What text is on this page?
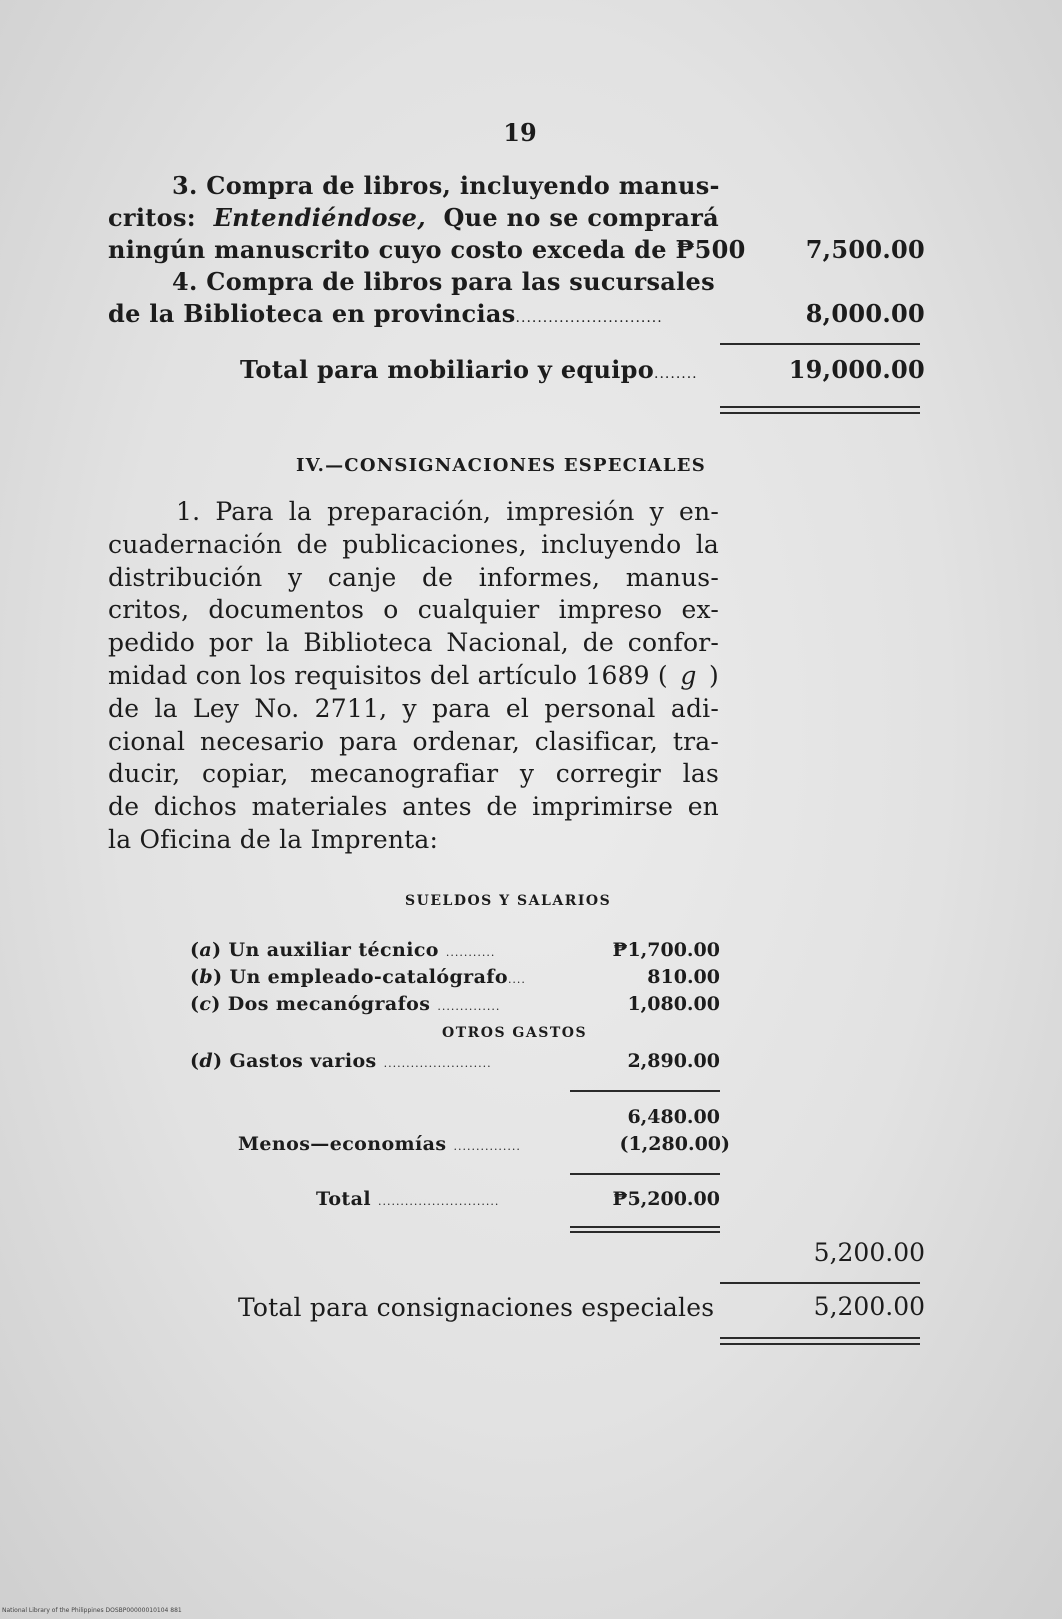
19
3. Compra de libros, incluyendo manus-
critos: Entendiéndose, Que no se comprará
ningún manuscrito cuyo costo exceda de ₱500	7,500.00
4. Compra de libros para las sucursales
de la Biblioteca en provincias...........................	8,000.00
Total para mobiliario y equipo........	19,000.00
IV.—CONSIGNACIONES ESPECIALES
1. Para la preparación, impresión y en-
cuadernación de publicaciones, incluyendo la
distribución y canje de informes, manus-
critos, documentos o cualquier impreso ex-
pedido por la Biblioteca Nacional, de confor-
midad con los requisitos del artículo 1689 ( g )
de la Ley No. 2711, y para el personal adi-
cional necesario para ordenar, clasificar, tra-
ducir, copiar, mecanografiar y corregir las
de dichos materiales antes de imprimirse en
la Oficina de la Imprenta:
SUELDOS Y SALARIOS
(a) Un auxiliar técnico ...........	₱1,700.00
(b) Un empleado-catalógrafo....	810.00
(c) Dos mecanógrafos ..............	1,080.00
OTROS GASTOS
(d) Gastos varios ........................	2,890.00
6,480.00
Menos—economías ...............	(1,280.00)
Total ...........................	₱5,200.00
5,200.00
Total para consignaciones especiales	5,200.00
National Library of the Philippines DOSBP00000010104 881
